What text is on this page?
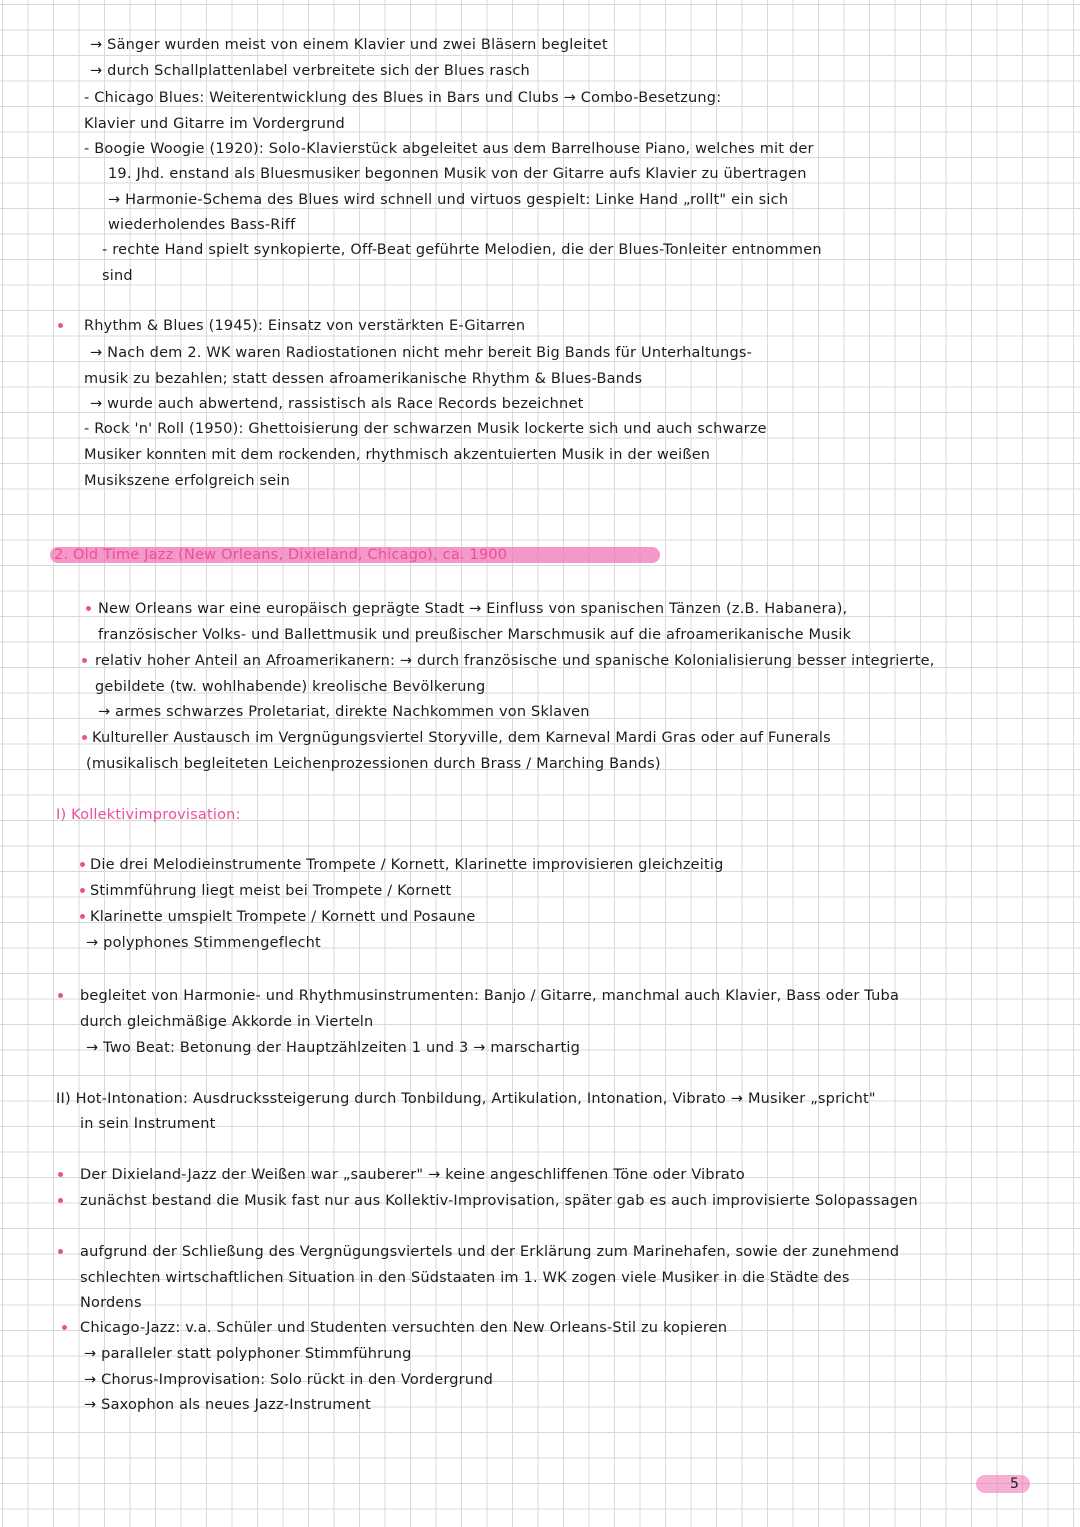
→ Sänger wurden meist von einem Klavier und zwei Bläsern begleitet
→ durch Schallplattenlabel verbreitete sich der Blues rasch
- Chicago Blues: Weiterentwicklung des Blues in Bars und Clubs → Combo-Besetzung:
Klavier und Gitarre im Vordergrund
- Boogie Woogie (1920): Solo-Klavierstück abgeleitet aus dem Barrelhouse Piano, welches mit der
19. Jhd. enstand als Bluesmusiker begonnen Musik von der Gitarre aufs Klavier zu übertragen
→ Harmonie-Schema des Blues wird schnell und virtuos gespielt: Linke Hand „rollt" ein sich
wiederholendes Bass-Riff
- rechte Hand spielt synkopierte, Off-Beat geführte Melodien, die der Blues-Tonleiter entnommen
sind
Rhythm & Blues (1945): Einsatz von verstärkten E-Gitarren
→ Nach dem 2. WK waren Radiostationen nicht mehr bereit Big Bands für Unterhaltungs-
musik zu bezahlen; statt dessen afroamerikanische Rhythm & Blues-Bands
→ wurde auch abwertend, rassistisch als Race Records bezeichnet
- Rock 'n' Roll (1950): Ghettoisierung der schwarzen Musik lockerte sich und auch schwarze
Musiker konnten mit dem rockenden, rhythmisch akzentuierten Musik in der weißen
Musikszene erfolgreich sein
2. Old Time Jazz (New Orleans, Dixieland, Chicago), ca. 1900
New Orleans war eine europäisch geprägte Stadt → Einfluss von spanischen Tänzen (z.B. Habanera),
französischer Volks- und Ballettmusik und preußischer Marschmusik auf die afroamerikanische Musik
relativ hoher Anteil an Afroamerikanern: → durch französische und spanische Kolonialisierung besser integrierte,
gebildete (tw. wohlhabende) kreolische Bevölkerung
→ armes schwarzes Proletariat, direkte Nachkommen von Sklaven
Kultureller Austausch im Vergnügungsviertel Storyville, dem Karneval Mardi Gras oder auf Funerals
(musikalisch begleiteten Leichenprozessionen durch Brass / Marching Bands)
I) Kollektivimprovisation:
Die drei Melodieinstrumente Trompete / Kornett, Klarinette improvisieren gleichzeitig
Stimmführung liegt meist bei Trompete / Kornett
Klarinette umspielt Trompete / Kornett und Posaune
→ polyphones Stimmengeflecht
begleitet von Harmonie- und Rhythmusinstrumenten: Banjo / Gitarre, manchmal auch Klavier, Bass oder Tuba
durch gleichmäßige Akkorde in Vierteln
→ Two Beat: Betonung der Hauptzählzeiten 1 und 3 → marschartig
II) Hot-Intonation: Ausdruckssteigerung durch Tonbildung, Artikulation, Intonation, Vibrato → Musiker „spricht"
in sein Instrument
Der Dixieland-Jazz der Weißen war „sauberer" → keine angeschliffenen Töne oder Vibrato
zunächst bestand die Musik fast nur aus Kollektiv-Improvisation, später gab es auch improvisierte Solopassagen
aufgrund der Schließung des Vergnügungsviertels und der Erklärung zum Marinehafen, sowie der zunehmend
schlechten wirtschaftlichen Situation in den Südstaaten im 1. WK zogen viele Musiker in die Städte des
Nordens
Chicago-Jazz: v.a. Schüler und Studenten versuchten den New Orleans-Stil zu kopieren
→ paralleler statt polyphoner Stimmführung
→ Chorus-Improvisation: Solo rückt in den Vordergrund
→ Saxophon als neues Jazz-Instrument
5
